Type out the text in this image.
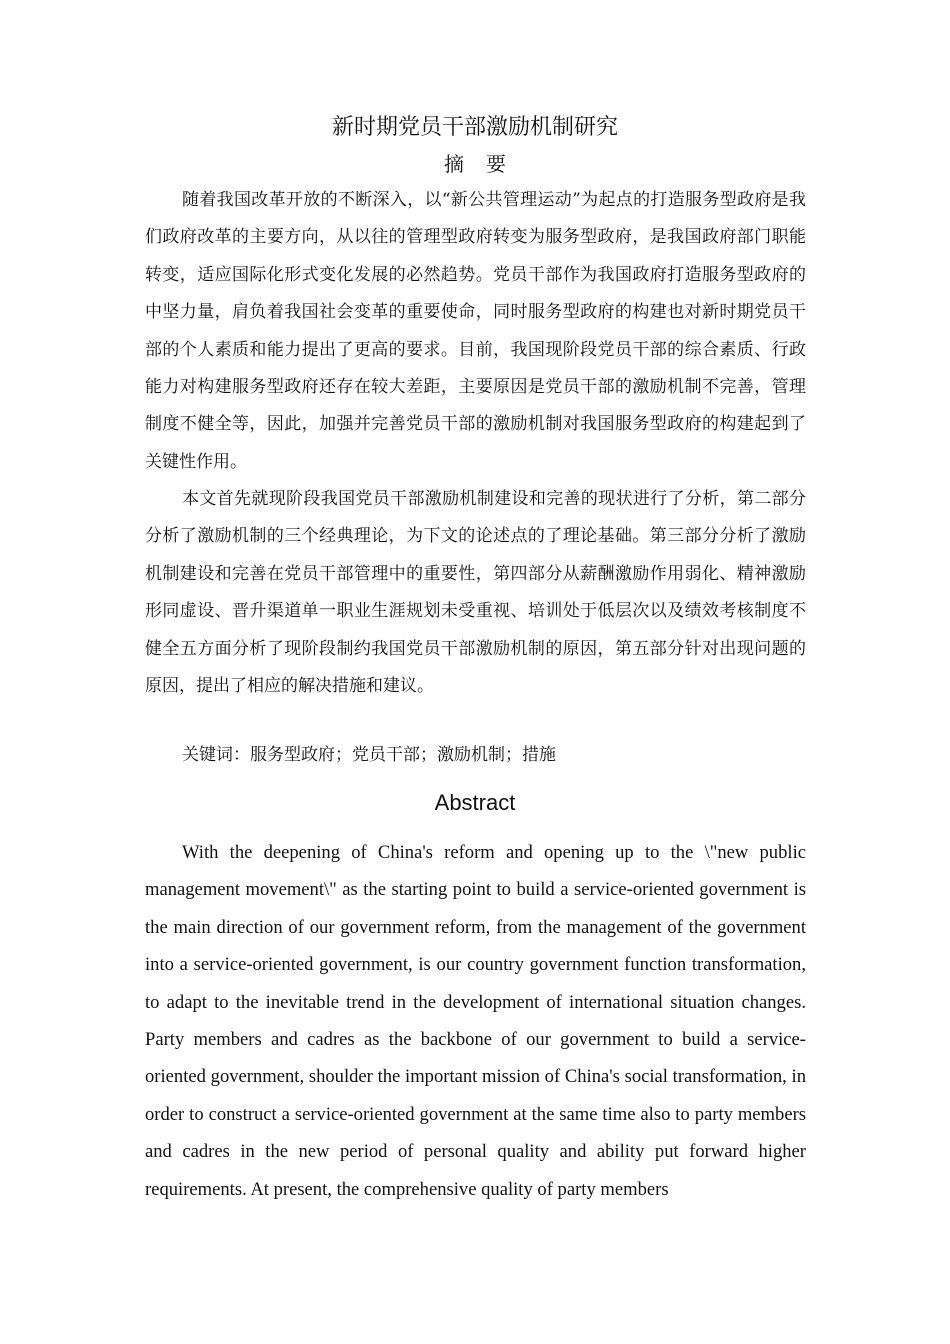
新时期党员干部激励机制研究
摘 要

随着我国改革开放的不断深入，以“新公共管理运动”为起点的打造服务型政府是我们政府改革的主要方向，从以往的管理型政府转变为服务型政府，是我国政府部门职能转变，适应国际化形式变化发展的必然趋势。党员干部作为我国政府打造服务型政府的中坚力量，肩负着我国社会变革的重要使命，同时服务型政府的构建也对新时期党员干部的个人素质和能力提出了更高的要求。目前，我国现阶段党员干部的综合素质、行政能力对构建服务型政府还存在较大差距，主要原因是党员干部的激励机制不完善，管理制度不健全等，因此，加强并完善党员干部的激励机制对我国服务型政府的构建起到了关键性作用。

本文首先就现阶段我国党员干部激励机制建设和完善的现状进行了分析，第二部分分析了激励机制的三个经典理论，为下文的论述点的了理论基础。第三部分分析了激励机制建设和完善在党员干部管理中的重要性，第四部分从薪酬激励作用弱化、精神激励形同虚设、晋升渠道单一职业生涯规划未受重视、培训处于低层次以及绩效考核制度不健全五方面分析了现阶段制约我国党员干部激励机制的原因，第五部分针对出现问题的原因，提出了相应的解决措施和建议。

关键词：服务型政府；党员干部；激励机制；措施

Abstract

With the deepening of China's reform and opening up to the \"new public management movement\" as the starting point to build a service-oriented government is the main direction of our government reform, from the management of the government into a service-oriented government, is our country government function transformation, to adapt to the inevitable trend in the development of international situation changes. Party members and cadres as the backbone of our government to build a service-oriented government, shoulder the important mission of China's social transformation, in order to construct a service-oriented government at the same time also to party members and cadres in the new period of personal quality and ability put forward higher requirements. At present, the comprehensive quality of party members
